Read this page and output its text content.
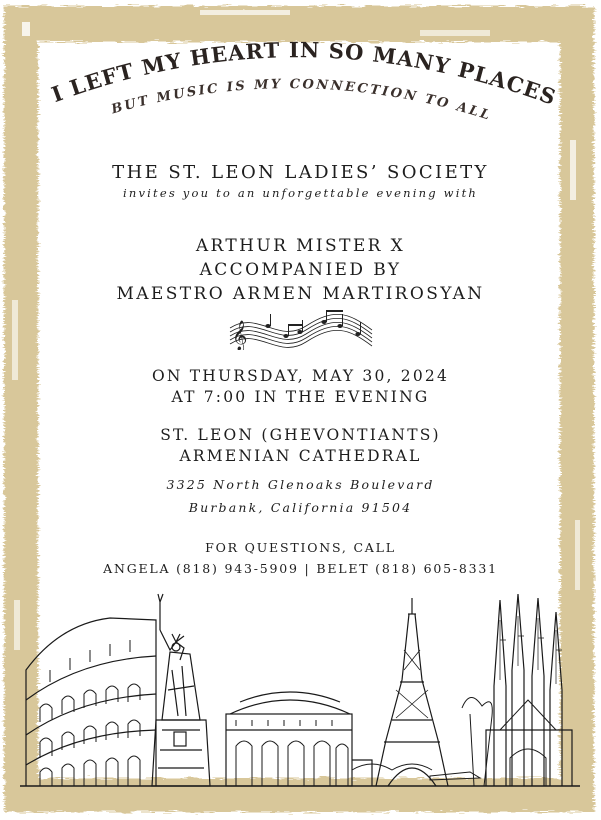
I LEFT MY HEART IN SO MANY PLACES
BUT MUSIC IS MY CONNECTION TO ALL
THE ST. LEON LADIES’ SOCIETY
invites you to an unforgettable evening with
ARTHUR MISTER X
ACCOMPANIED BY
MAESTRO ARMEN MARTIROSYAN
𝄞
ON THURSDAY, MAY 30, 2024
AT 7:00 IN THE EVENING
ST. LEON (GHEVONTIANTS)
ARMENIAN CATHEDRAL
3325 North Glenoaks Boulevard
Burbank, California 91504
FOR QUESTIONS, CALL
ANGELA (818) 943-5909 | BELET (818) 605-8331
